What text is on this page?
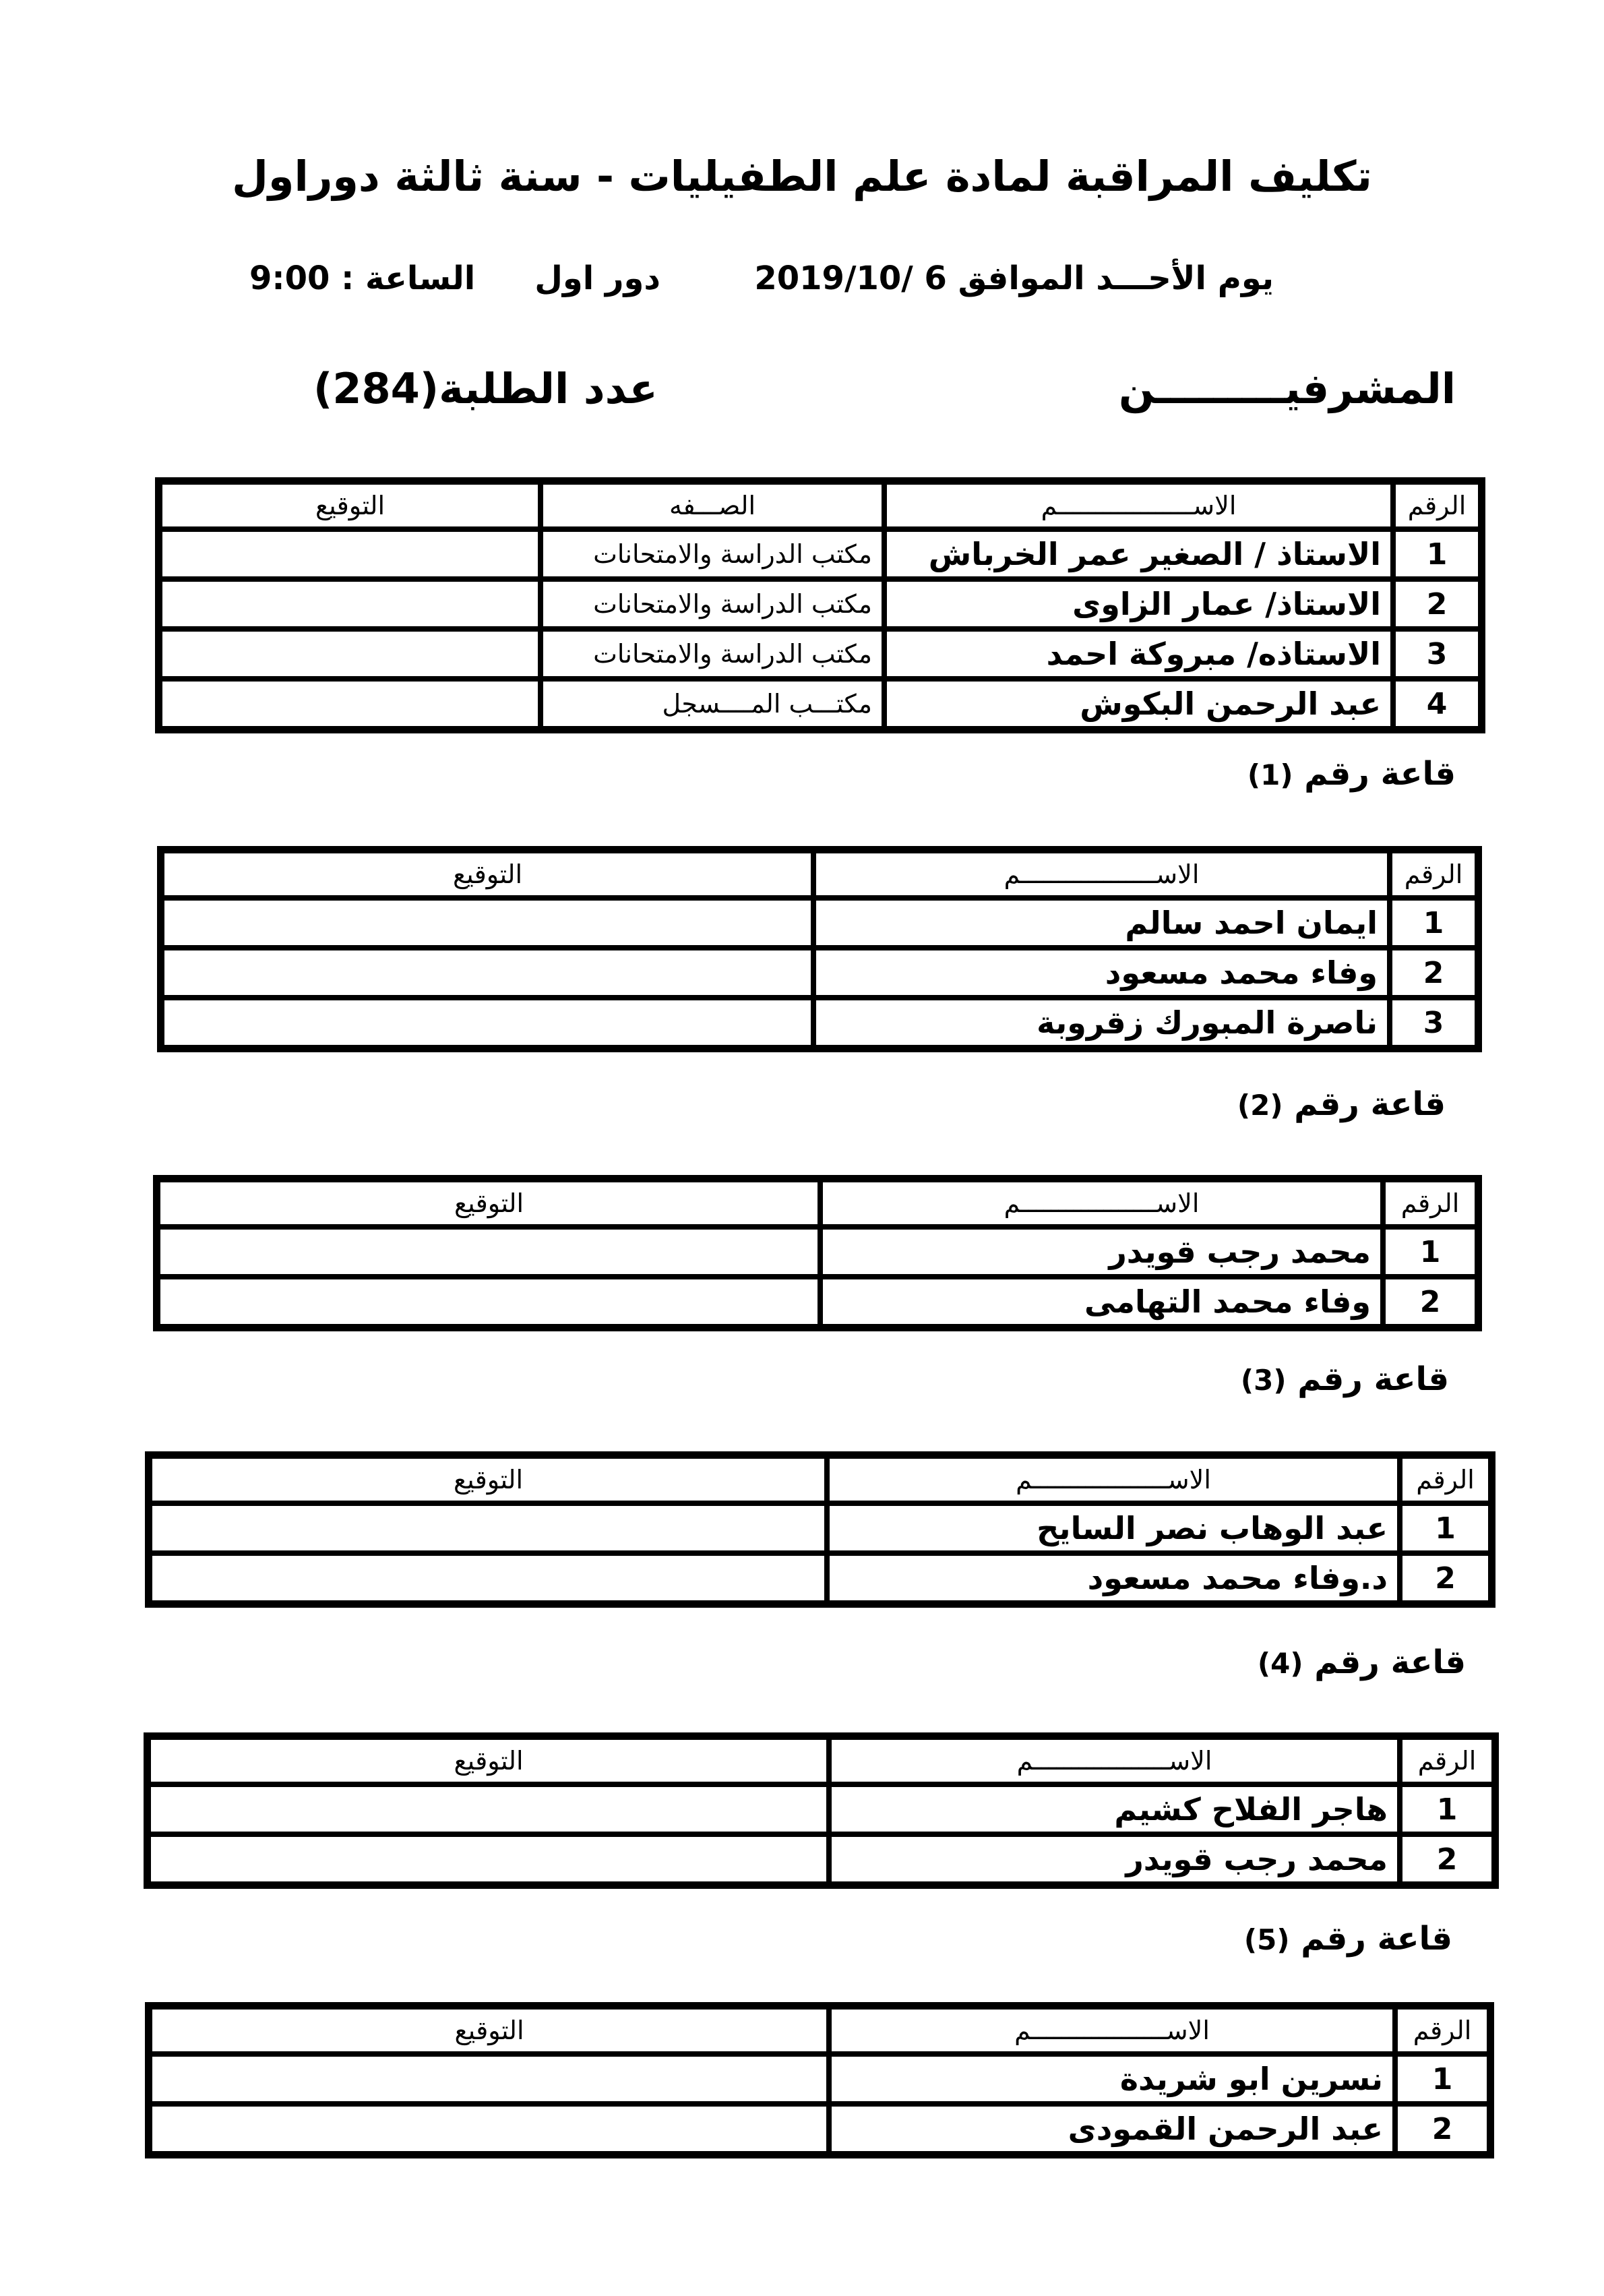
تكليف المراقبة لمادة علم الطفيليات - سنة ثالثة دوراول
يوم الأحـــد الموافق 6 /2019/10
دور اول
الساعة : 9:00
المشرفيـــــــــن
عدد الطلبة(284)
الرقم	الاســــــــــــــــــم	الصـــفه	التوقيع
1	الاستاذ / الصغير عمر الخرباش	مكتب الدراسة والامتحانات	
2	الاستاذ/ عمار الزاوى	مكتب الدراسة والامتحانات	
3	الاستاذه/ مبروكة احمد	مكتب الدراسة والامتحانات	
4	عبد الرحمن البكوش	مكتـــب المــــسجل	
قاعة رقم (1)
الرقم	الاســــــــــــــــــم	التوقيع
1	ايمان احمد سالم	
2	وفاء محمد مسعود	
3	ناصرة المبورك زقروبة	
قاعة رقم (2)
الرقم	الاســــــــــــــــــم	التوقيع
1	محمد رجب قويدر	
2	وفاء محمد التهامى	
قاعة رقم (3)
الرقم	الاســــــــــــــــــم	التوقيع
1	عبد الوهاب نصر السايح	
2	د.وفاء محمد مسعود	
قاعة رقم (4)
الرقم	الاســــــــــــــــــم	التوقيع
1	هاجر الفلاح كشيم	
2	محمد رجب قويدر	
قاعة رقم (5)
الرقم	الاســــــــــــــــــم	التوقيع
1	نسرين ابو شريدة	
2	عبد الرحمن القمودى	
